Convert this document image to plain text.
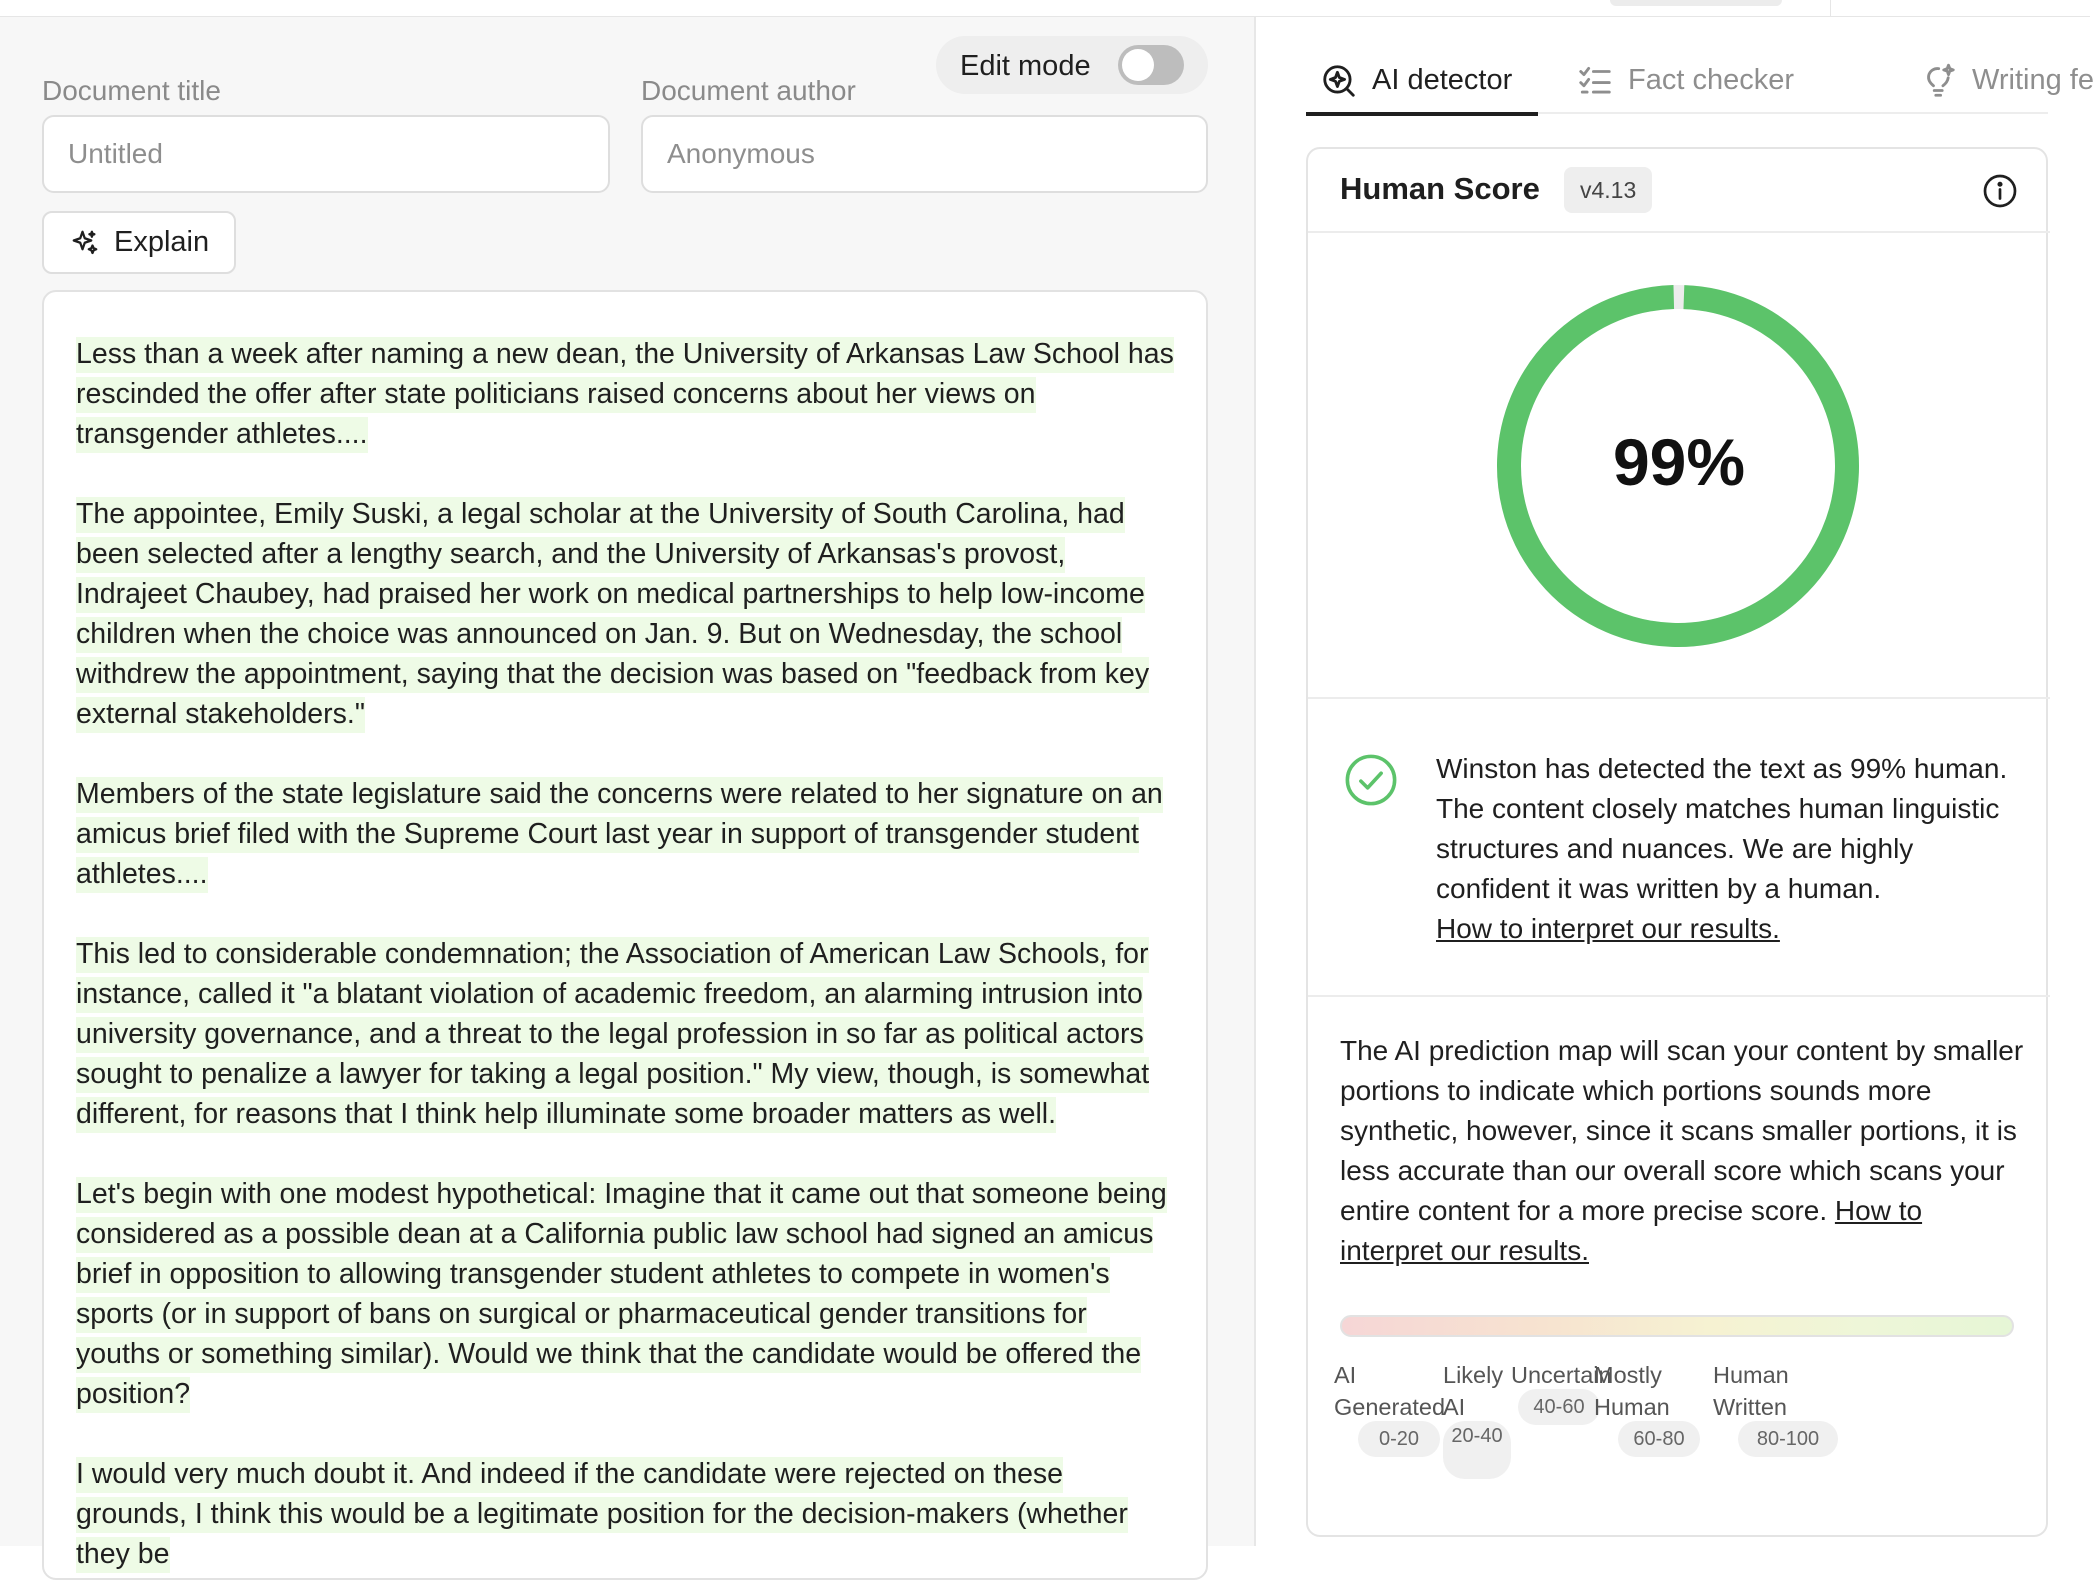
Edit mode
Document title
Untitled	Document author
Anonymous
Explain

Less than a week after naming a new dean, the University of Arkansas Law School has rescinded the offer after state politicians raised concerns about her views on transgender athletes....

The appointee, Emily Suski, a legal scholar at the University of South Carolina, had been selected after a lengthy search, and the University of Arkansas's provost, Indrajeet Chaubey, had praised her work on medical partnerships to help low-income children when the choice was announced on Jan. 9. But on Wednesday, the school withdrew the appointment, saying that the decision was based on "feedback from key external stakeholders."

Members of the state legislature said the concerns were related to her signature on an amicus brief filed with the Supreme Court last year in support of transgender student athletes....

This led to considerable condemnation; the Association of American Law Schools, for instance, called it "a blatant violation of academic freedom, an alarming intrusion into university governance, and a threat to the legal profession in so far as political actors sought to penalize a lawyer for taking a legal position." My view, though, is somewhat different, for reasons that I think help illuminate some broader matters as well.

Let's begin with one modest hypothetical: Imagine that it came out that someone being considered as a possible dean at a California public law school had signed an amicus brief in opposition to allowing transgender student athletes to compete in women's sports (or in support of bans on surgical or pharmaceutical gender transitions for youths or something similar). Would we think that the candidate would be offered the position?

I would very much doubt it. And indeed if the candidate were rejected on these grounds, I think this would be a legitimate position for the decision-makers (whether they be

AI detector	Fact checker	Writing fe
Human Score	v4.13
99%
Winston has detected the text as 99% human. The content closely matches human linguistic structures and nuances. We are highly confident it was written by a human.
How to interpret our results.
The AI prediction map will scan your content by smaller portions to indicate which portions sounds more synthetic, however, since it scans smaller portions, it is less accurate than our overall score which scans your entire content for a more precise score. How to interpret our results.
AI Generated
0-20
Likely AI
20-40
Uncertain
40-60
Mostly Human
60-80
Human Written
80-100
